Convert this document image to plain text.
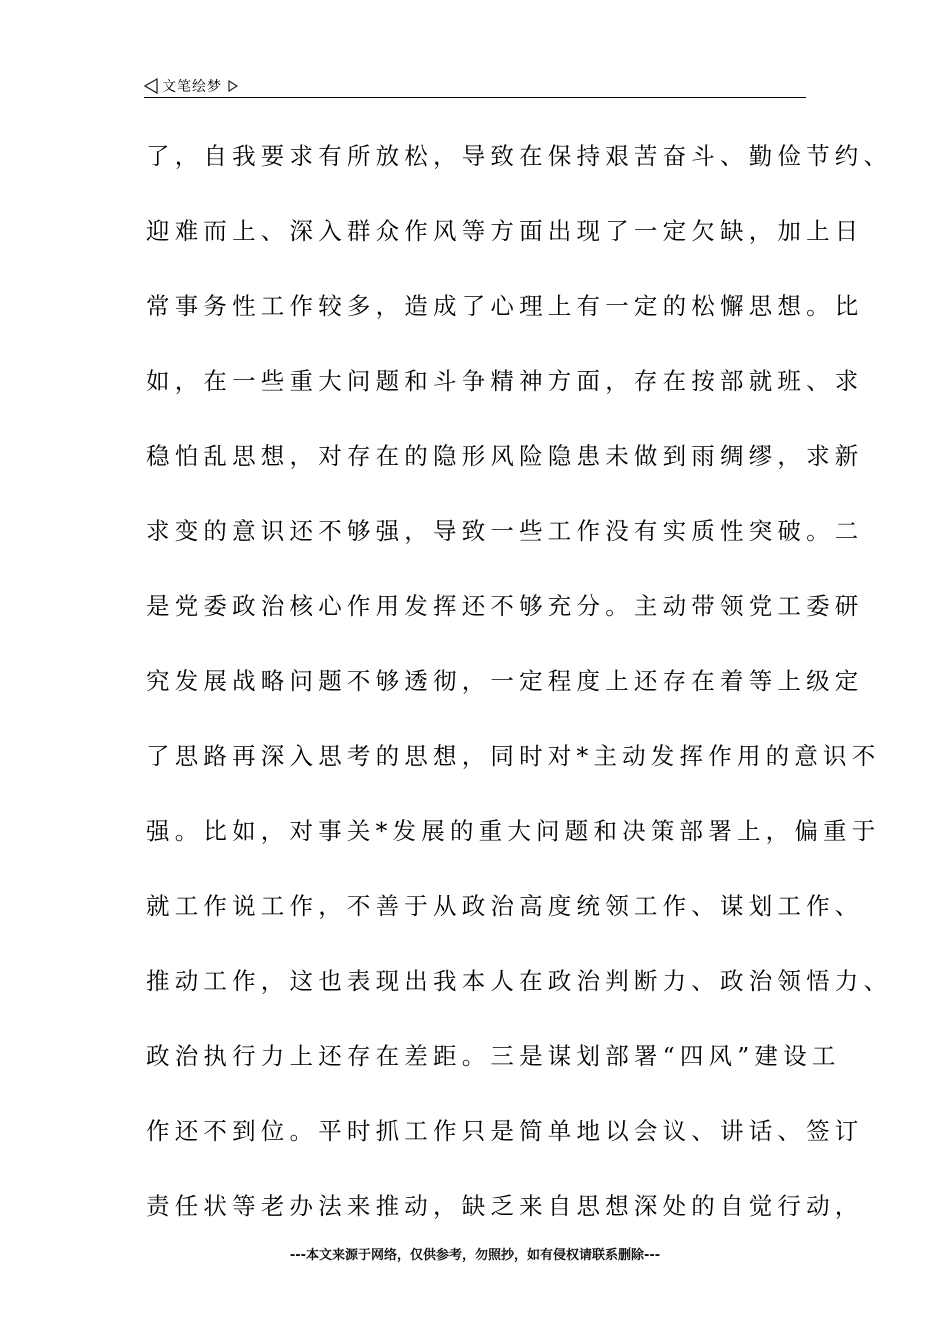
文笔绘梦
了，自我要求有所放松，导致在保持艰苦奋斗、勤俭节约、
迎难而上、深入群众作风等方面出现了一定欠缺，加上日
常事务性工作较多，造成了心理上有一定的松懈思想。比
如，在一些重大问题和斗争精神方面，存在按部就班、求
稳怕乱思想，对存在的隐形风险隐患未做到雨绸缪，求新
求变的意识还不够强，导致一些工作没有实质性突破。二
是党委政治核心作用发挥还不够充分。主动带领党工委研
究发展战略问题不够透彻，一定程度上还存在着等上级定
了思路再深入思考的思想，同时对*主动发挥作用的意识不
强。比如，对事关*发展的重大问题和决策部署上，偏重于
就工作说工作，不善于从政治高度统领工作、谋划工作、
推动工作，这也表现出我本人在政治判断力、政治领悟力、
政治执行力上还存在差距。三是谋划部署“四风”建设工
作还不到位。平时抓工作只是简单地以会议、讲话、签订
责任状等老办法来推动，缺乏来自思想深处的自觉行动，
---本文来源于网络，仅供参考，勿照抄，如有侵权请联系删除---
